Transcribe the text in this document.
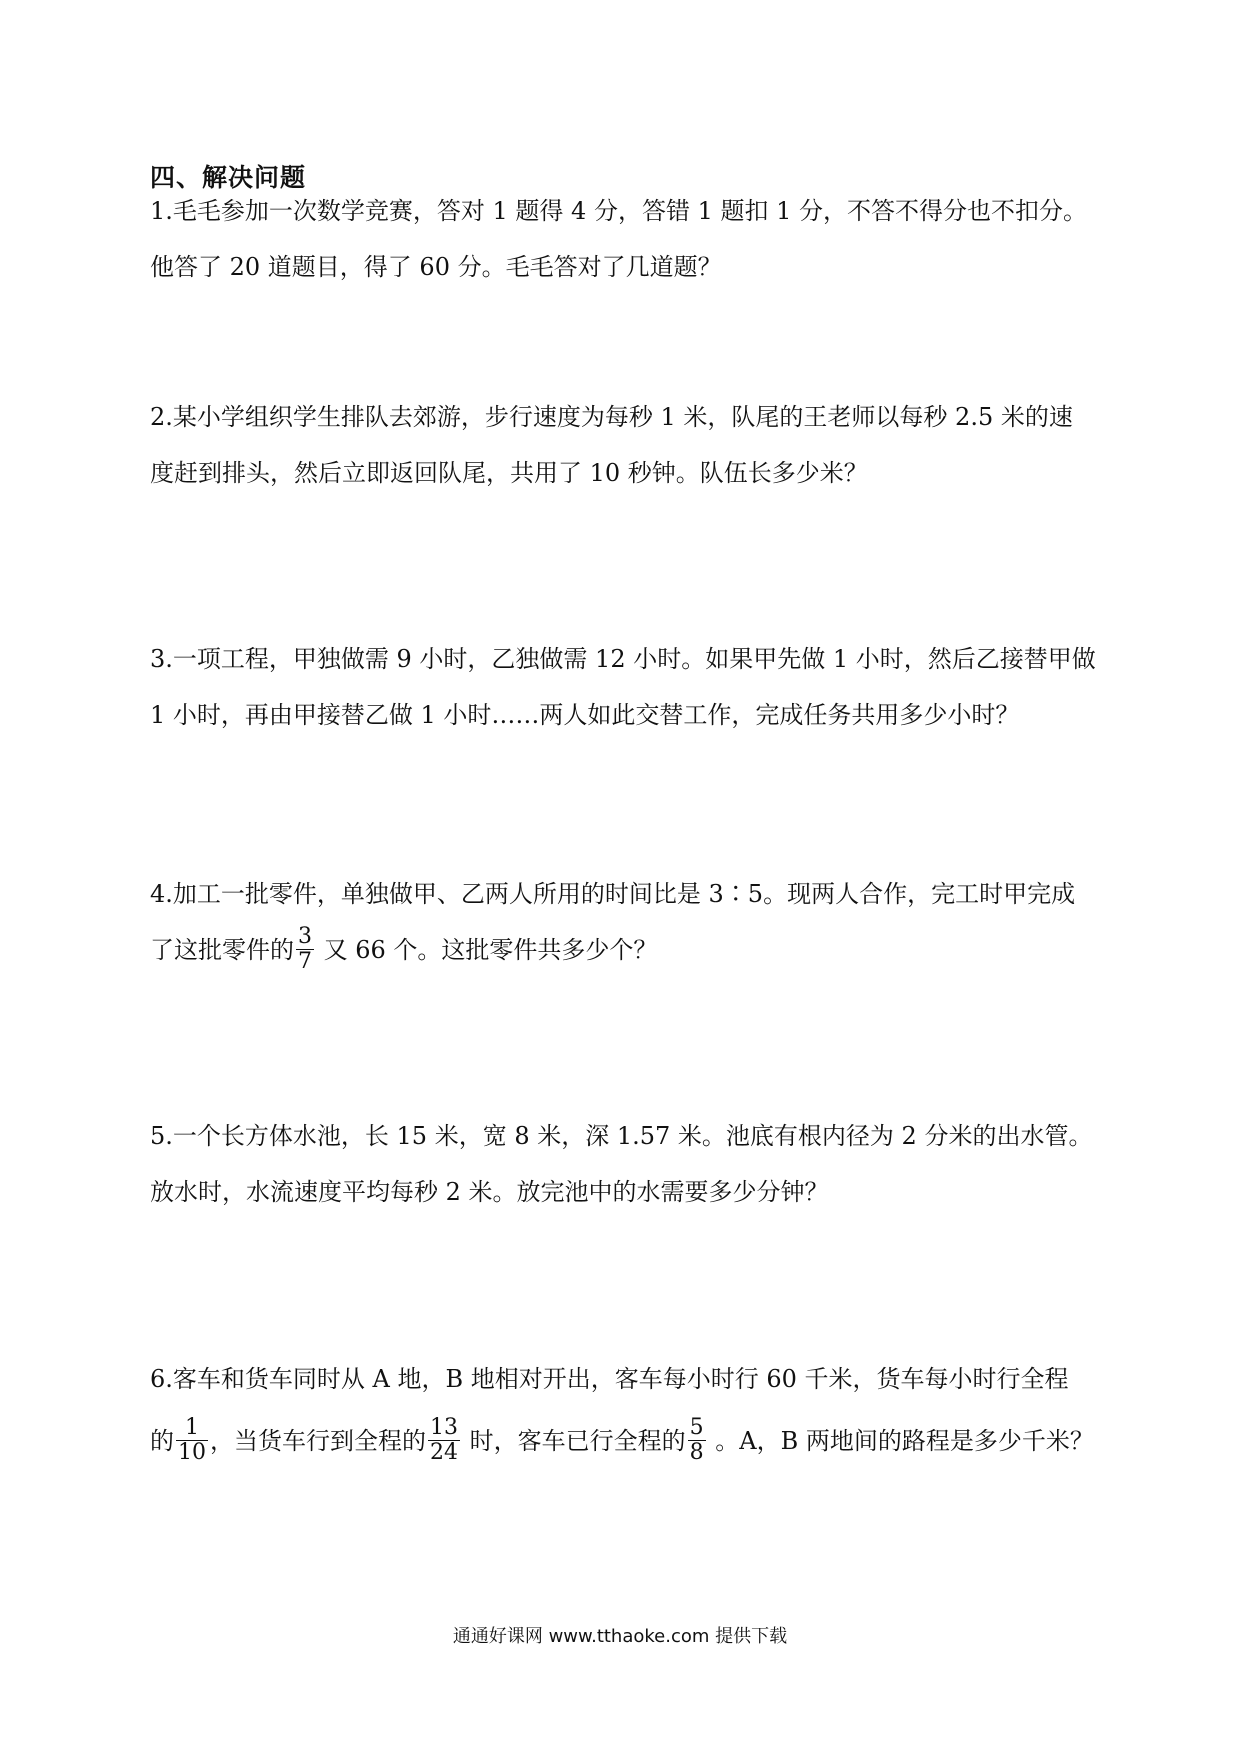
四、解决问题
1.毛毛参加一次数学竞赛，答对 1 题得 4 分，答错 1 题扣 1 分，不答不得分也不扣分。
他答了 20 道题目，得了 60 分。毛毛答对了几道题？
2.某小学组织学生排队去郊游，步行速度为每秒 1 米，队尾的王老师以每秒 2.5 米的速
度赶到排头，然后立即返回队尾，共用了 10 秒钟。队伍长多少米？
3.一项工程，甲独做需 9 小时，乙独做需 12 小时。如果甲先做 1 小时，然后乙接替甲做
1 小时，再由甲接替乙做 1 小时……两人如此交替工作，完成任务共用多少小时？
4.加工一批零件，单独做甲、乙两人所用的时间比是 3∶5。现两人合作，完工时甲完成
了这批零件的 $\frac{3}{7}$ 又 66 个。这批零件共多少个？
5.一个长方体水池，长 15 米，宽 8 米，深 1.57 米。池底有根内径为 2 分米的出水管。
放水时，水流速度平均每秒 2 米。放完池中的水需要多少分钟？
6.客车和货车同时从 A 地，B 地相对开出，客车每小时行 60 千米，货车每小时行全程
的 $\frac{1}{10}$ ，当货车行到全程的 $\frac{13}{24}$ 时，客车已行全程的 $\frac{5}{8}$ 。A，B 两地间的路程是多少千米？
通通好课网 www.tthaoke.com 提供下载
